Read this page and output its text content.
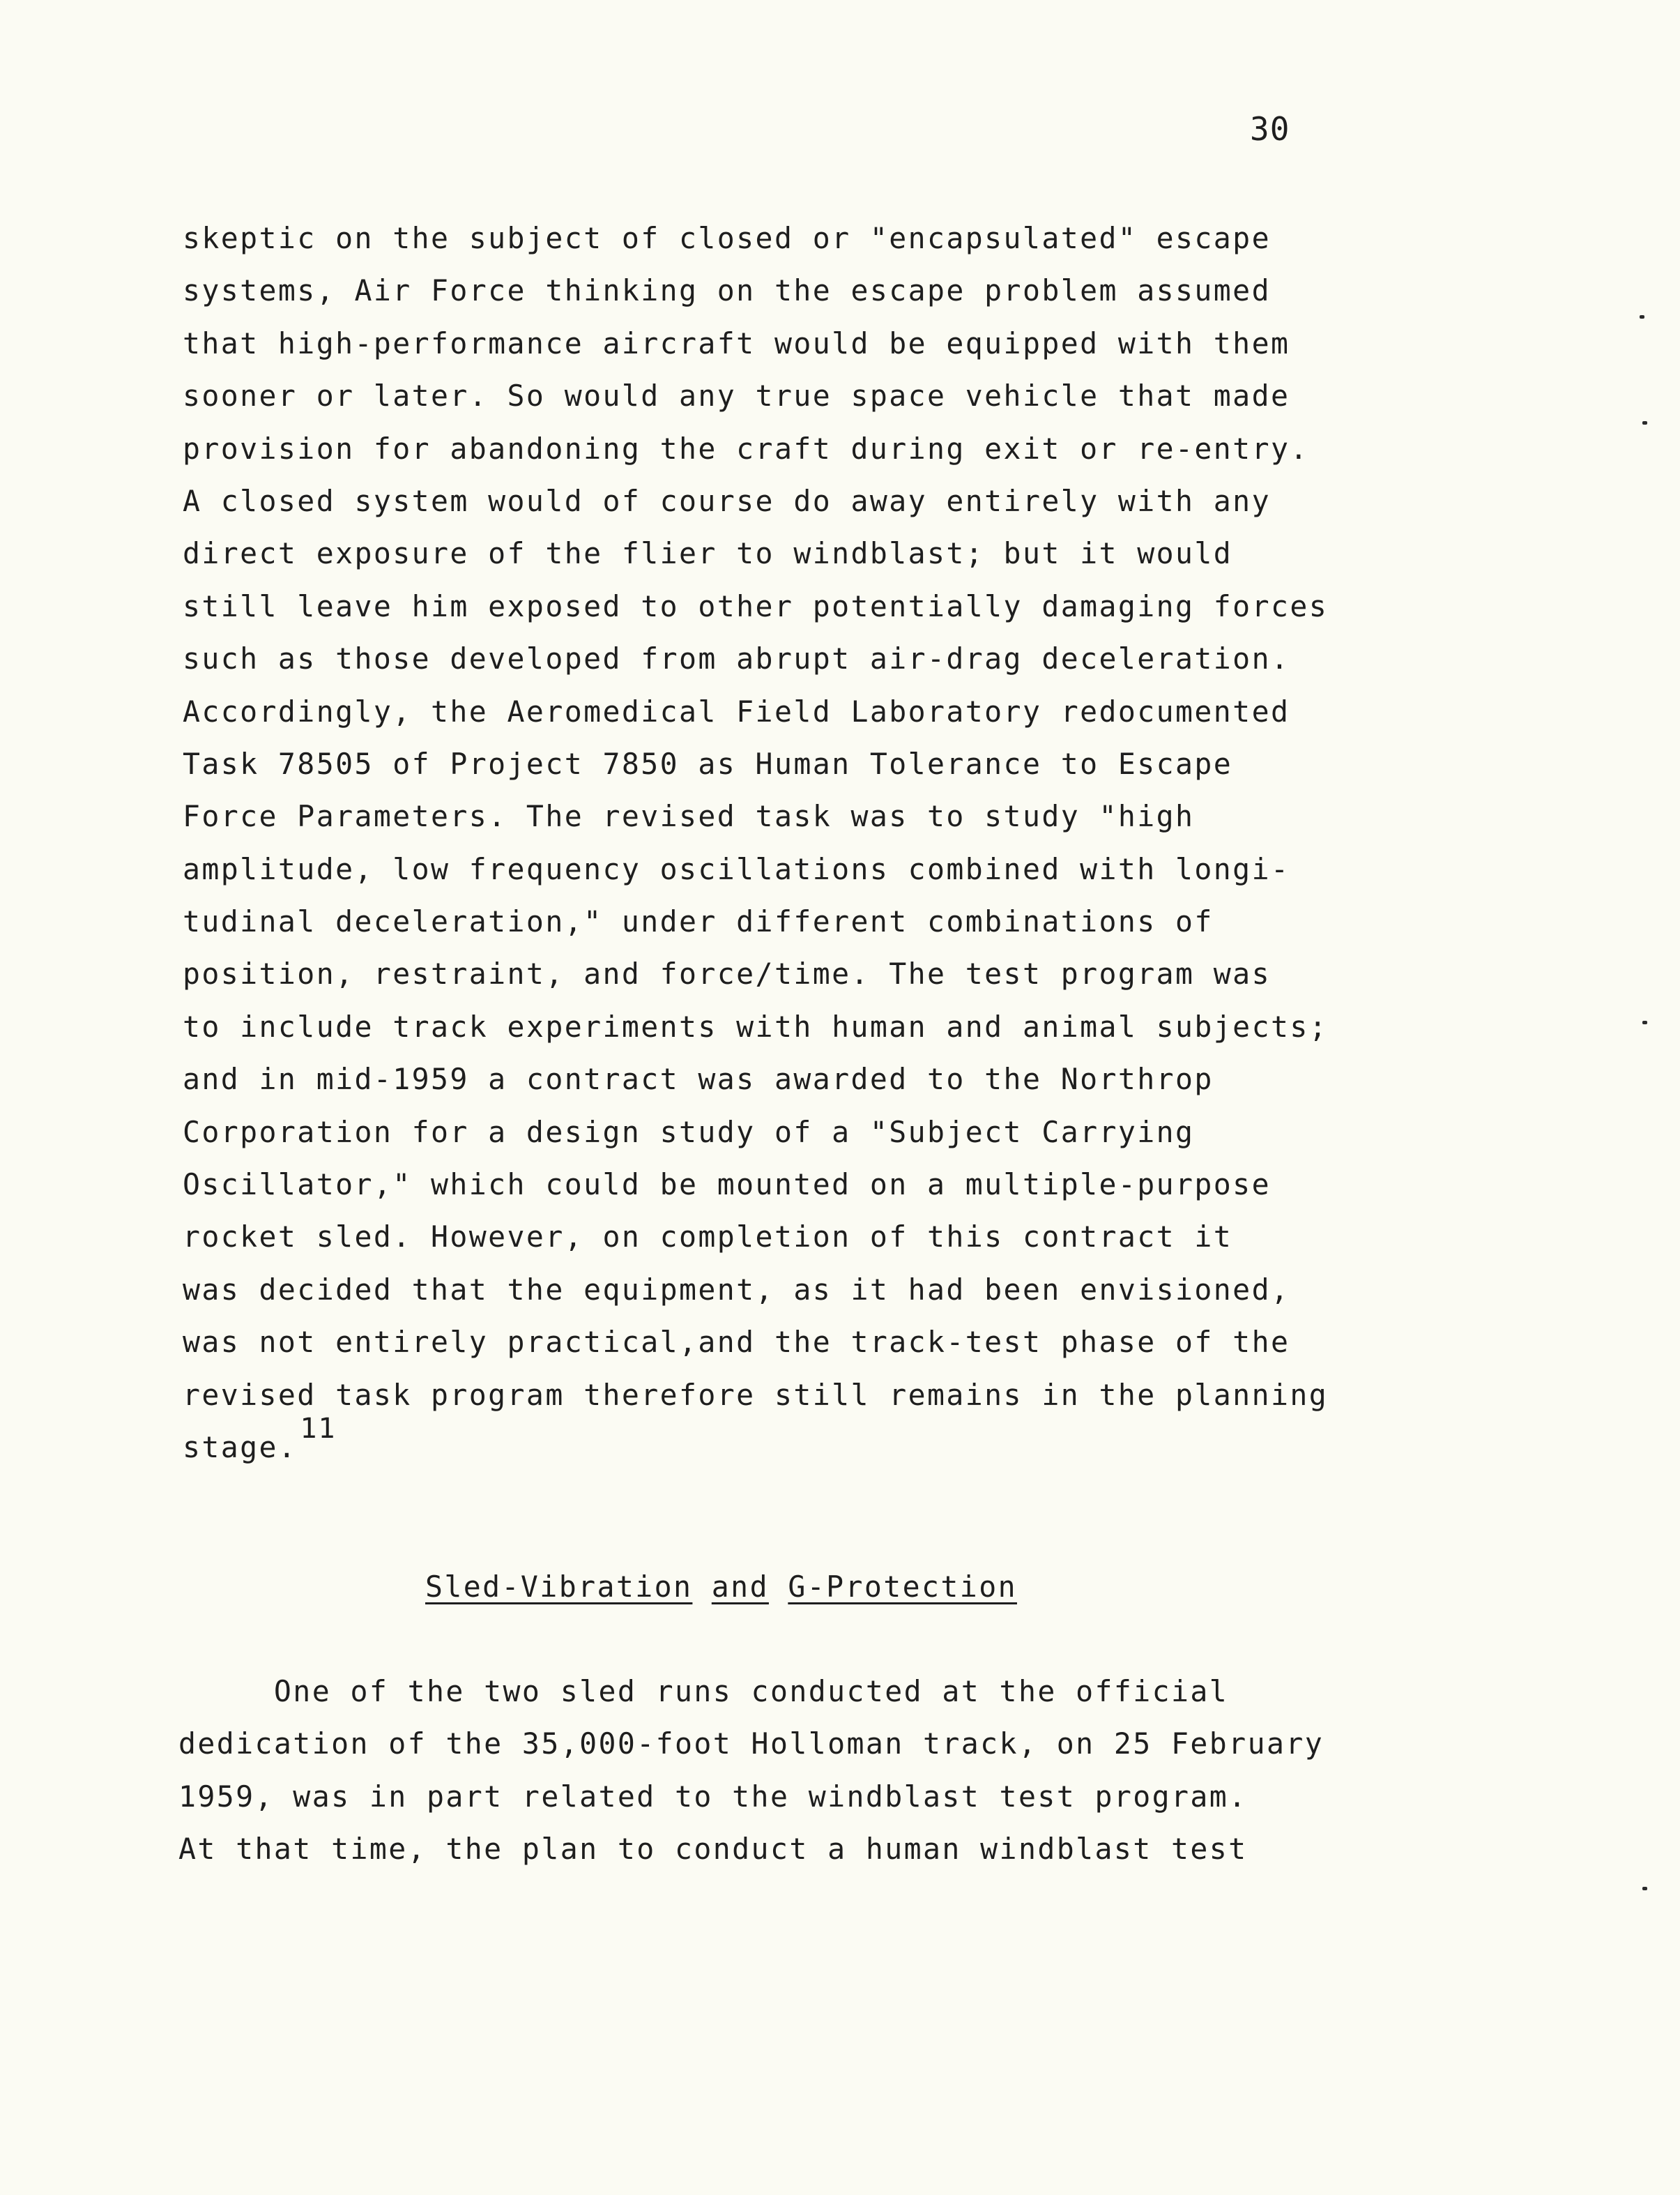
30
skeptic on the subject of closed or "encapsulated" escape
systems, Air Force thinking on the escape problem assumed
that high-performance aircraft would be equipped with them
sooner or later. So would any true space vehicle that made
provision for abandoning the craft during exit or re-entry.
A closed system would of course do away entirely with any
direct exposure of the flier to windblast; but it would
still leave him exposed to other potentially damaging forces
such as those developed from abrupt air-drag deceleration.
Accordingly, the Aeromedical Field Laboratory redocumented
Task 78505 of Project 7850 as Human Tolerance to Escape
Force Parameters. The revised task was to study "high
amplitude, low frequency oscillations combined with longi-
tudinal deceleration," under different combinations of
position, restraint, and force/time. The test program was
to include track experiments with human and animal subjects;
and in mid-1959 a contract was awarded to the Northrop
Corporation for a design study of a "Subject Carrying
Oscillator," which could be mounted on a multiple-purpose
rocket sled. However, on completion of this contract it
was decided that the equipment, as it had been envisioned,
was not entirely practical,and the track-test phase of the
revised task program therefore still remains in the planning
stage.
11
Sled-Vibration and G-Protection
One of the two sled runs conducted at the official
dedication of the 35,000-foot Holloman track, on 25 February
1959, was in part related to the windblast test program.
At that time, the plan to conduct a human windblast test
